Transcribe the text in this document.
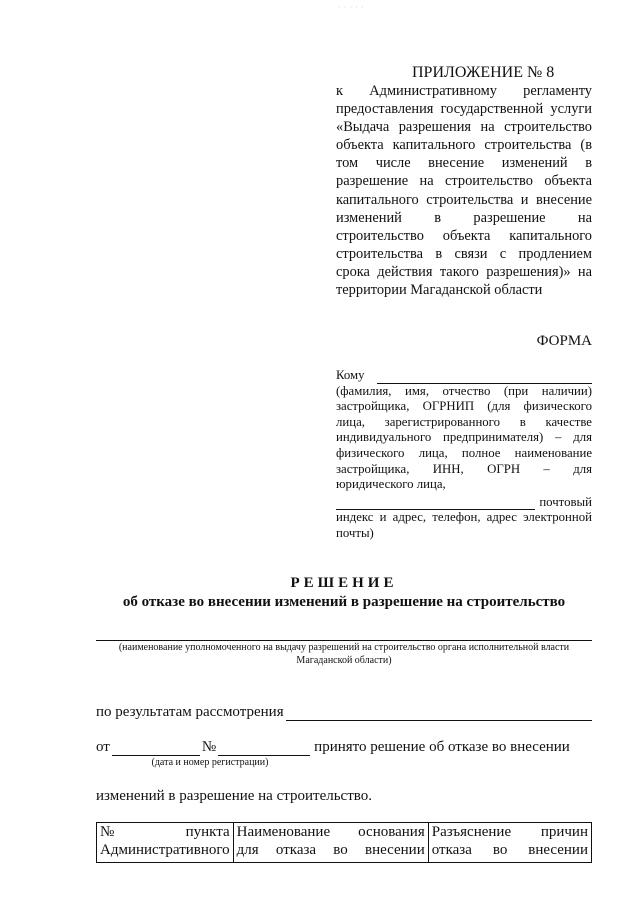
· · · · ·
ПРИЛОЖЕНИЕ № 8
к Административному регламенту предоставления государственной услуги «Выдача разрешения на строительство объекта капитального строительства (в том числе внесение изменений в разрешение на строительство объекта капитального строительства и внесение изменений в разрешение на строительство объекта капитального строительства в связи с продлением срока действия такого разрешения)» на территории Магаданской области
ФОРМА
Кому
(фамилия, имя, отчество (при наличии) застройщика, ОГРНИП (для физического лица, зарегистрированного в качестве индивидуального предпринимателя) – для физического лица, полное наименование застройщика, ИНН, ОГРН – для юридического лица,
почтовый
индекс и адрес, телефон, адрес электронной почты)
РЕШЕНИЕ
об отказе во внесении изменений в разрешение на строительство
(наименование уполномоченного на выдачу разрешений на строительство органа исполнительной власти Магаданской области)
по результатам рассмотрения
от	№	принято решение об отказе во внесении
(дата и номер регистрации)
изменений в разрешение на строительство.
№ пункта Административного	Наименование основания для отказа во внесении	Разъяснение причин отказа во внесении
